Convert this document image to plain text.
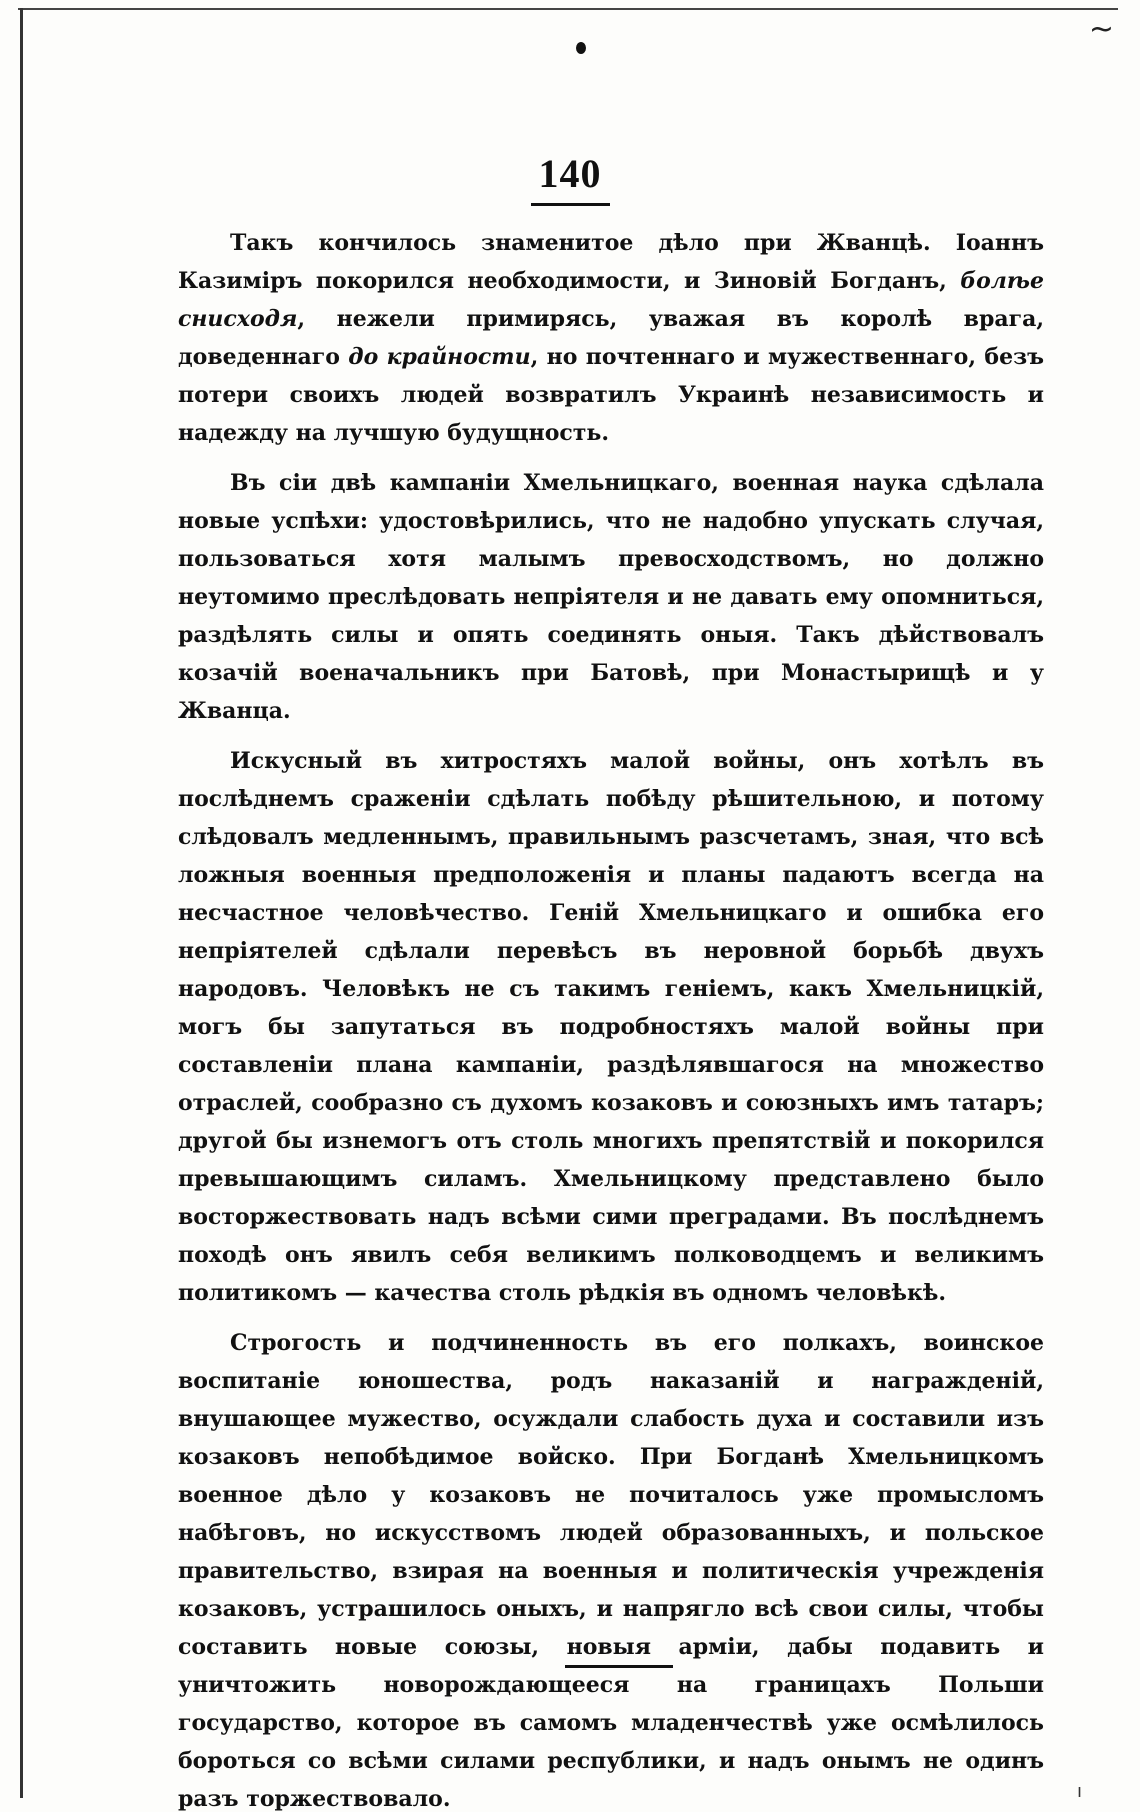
~
140

Такъ кончилось знаменитое дѣло при Жванцѣ. Іоаннъ Казиміръ покорился необходимости, и Зиновій Богданъ, болѣе снисходя, нежели примирясь, уважая въ королѣ врага, доведеннаго до крайности, но почтеннаго и мужественнаго, безъ потери своихъ людей возвратилъ Украинѣ независимость и надежду на лучшую будущность.

Въ сіи двѣ кампаніи Хмельницкаго, военная наука сдѣлала новые успѣхи: удостовѣрились, что не надобно упускать случая, пользоваться хотя малымъ превосходствомъ, но должно неутомимо преслѣдовать непріятеля и не давать ему опомниться, раздѣлять силы и опять соединять оныя. Такъ дѣйствовалъ козачій военачальникъ при Батовѣ, при Монастырищѣ и у Жванца.

Искусный въ хитростяхъ малой войны, онъ хотѣлъ въ послѣднемъ сраженіи сдѣлать побѣду рѣшительною, и потому слѣдовалъ медленнымъ, правильнымъ разсчетамъ, зная, что всѣ ложныя военныя предположенія и планы падаютъ всегда на несчастное человѣчество. Геній Хмельницкаго и ошибка его непріятелей сдѣлали перевѣсъ въ неровной борьбѣ двухъ народовъ. Человѣкъ не съ такимъ геніемъ, какъ Хмельницкій, могъ бы запутаться въ подробностяхъ малой войны при составленіи плана кампаніи, раздѣлявшагося на множество отраслей, сообразно съ духомъ козаковъ и союзныхъ имъ татаръ; другой бы изнемогъ отъ столь многихъ препятствій и покорился превышающимъ силамъ. Хмельницкому представлено было восторжествовать надъ всѣми сими преградами. Въ послѣднемъ походѣ онъ явилъ себя великимъ полководцемъ и великимъ политикомъ — качества столь рѣдкія въ одномъ человѣкѣ.

Строгость и подчиненность въ его полкахъ, воинское воспитаніе юношества, родъ наказаній и награжденій, внушающее мужество, осуждали слабость духа и составили изъ козаковъ непобѣдимое войско. При Богданѣ Хмельницкомъ военное дѣло у козаковъ не почиталось уже промысломъ набѣговъ, но искусствомъ людей образованныхъ, и польское правительство, взирая на военныя и политическія учрежденія козаковъ, устрашилось оныхъ, и напрягло всѣ свои силы, чтобы составить новые союзы, новыя арміи, дабы подавить и уничтожить новорождающееся на границахъ Польши государство, которое въ самомъ младенчествѣ уже осмѣлилось бороться со всѣми силами республики, и надъ онымъ не одинъ разъ торжествовало.	ı
